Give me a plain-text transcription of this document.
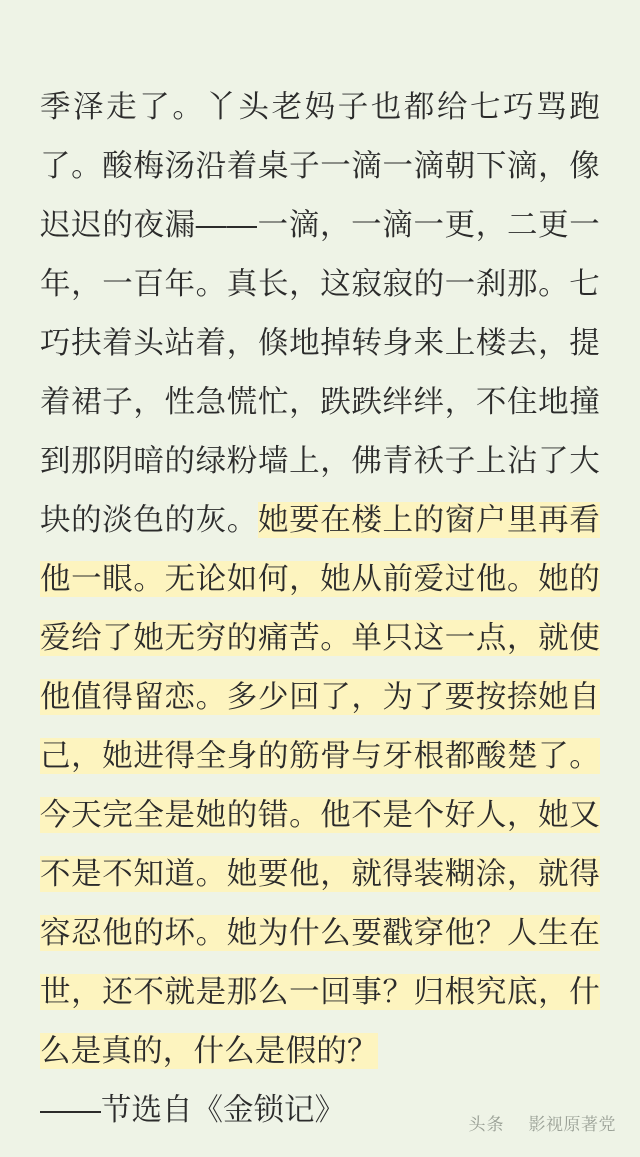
季泽走了。丫头老妈子也都给七巧骂跑了。酸梅汤沿着桌子一滴一滴朝下滴，像迟迟的夜漏——一滴，一滴一更，二更一年，一百年。真长，这寂寂的一刹那。七巧扶着头站着，倏地掉转身来上楼去，提着裙子，性急慌忙，跌跌绊绊，不住地撞到那阴暗的绿粉墙上，佛青袄子上沾了大块的淡色的灰。她要在楼上的窗户里再看他一眼。无论如何，她从前爱过他。她的爱给了她无穷的痛苦。单只这一点，就使他值得留恋。多少回了，为了要按捺她自己，她进得全身的筋骨与牙根都酸楚了。今天完全是她的错。他不是个好人，她又不是不知道。她要他，就得装糊涂，就得容忍他的坏。她为什么要戳穿他？人生在世，还不就是那么一回事？归根究底，什么是真的，什么是假的？

——节选自《金锁记》	头条	影视原著党
